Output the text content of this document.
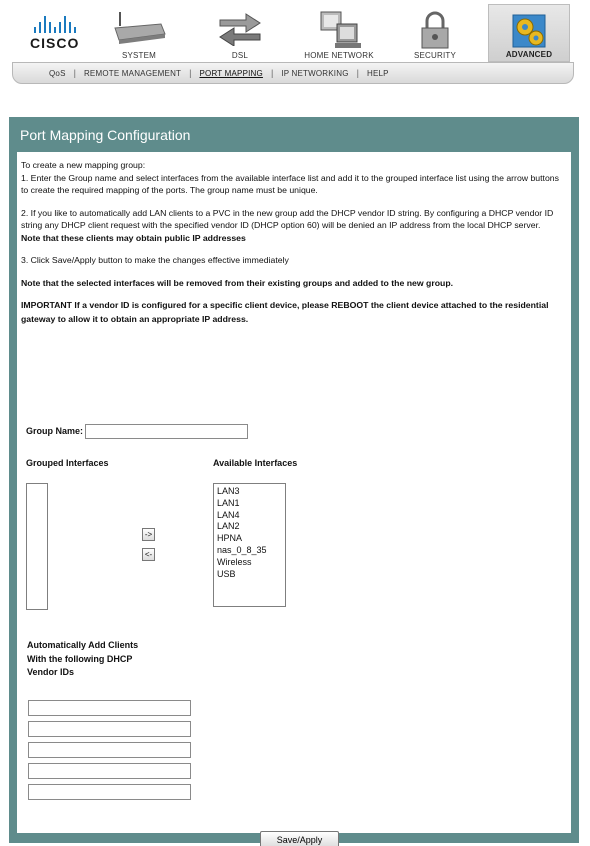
CISCO
SYSTEM	DSL	HOME NETWORK	SECURITY	ADVANCED
QoS |	REMOTE MANAGEMENT |	PORT MAPPING |	IP NETWORKING |	HELP
Port Mapping Configuration

To create a new mapping group:

1. Enter the Group name and select interfaces from the available interface list and add it to the grouped interface list using the arrow buttons to create the required mapping of the ports. The group name must be unique.

2. If you like to automatically add LAN clients to a PVC in the new group add the DHCP vendor ID string. By configuring a DHCP vendor ID string any DHCP client request with the specified vendor ID (DHCP option 60) will be denied an IP address from the local DHCP server.

Note that these clients may obtain public IP addresses

3. Click Save/Apply button to make the changes effective immediately

Note that the selected interfaces will be removed from their existing groups and added to the new group.

IMPORTANT If a vendor ID is configured for a specific client device, please REBOOT the client device attached to the residential gateway to allow it to obtain an appropriate IP address.

Group Name:
Grouped Interfaces	Available Interfaces
->
<-
LAN3
LAN1
LAN4
LAN2
HPNA
nas_0_8_35
Wireless
USB
Automatically Add Clients With the following DHCP Vendor IDs
Save/Apply
